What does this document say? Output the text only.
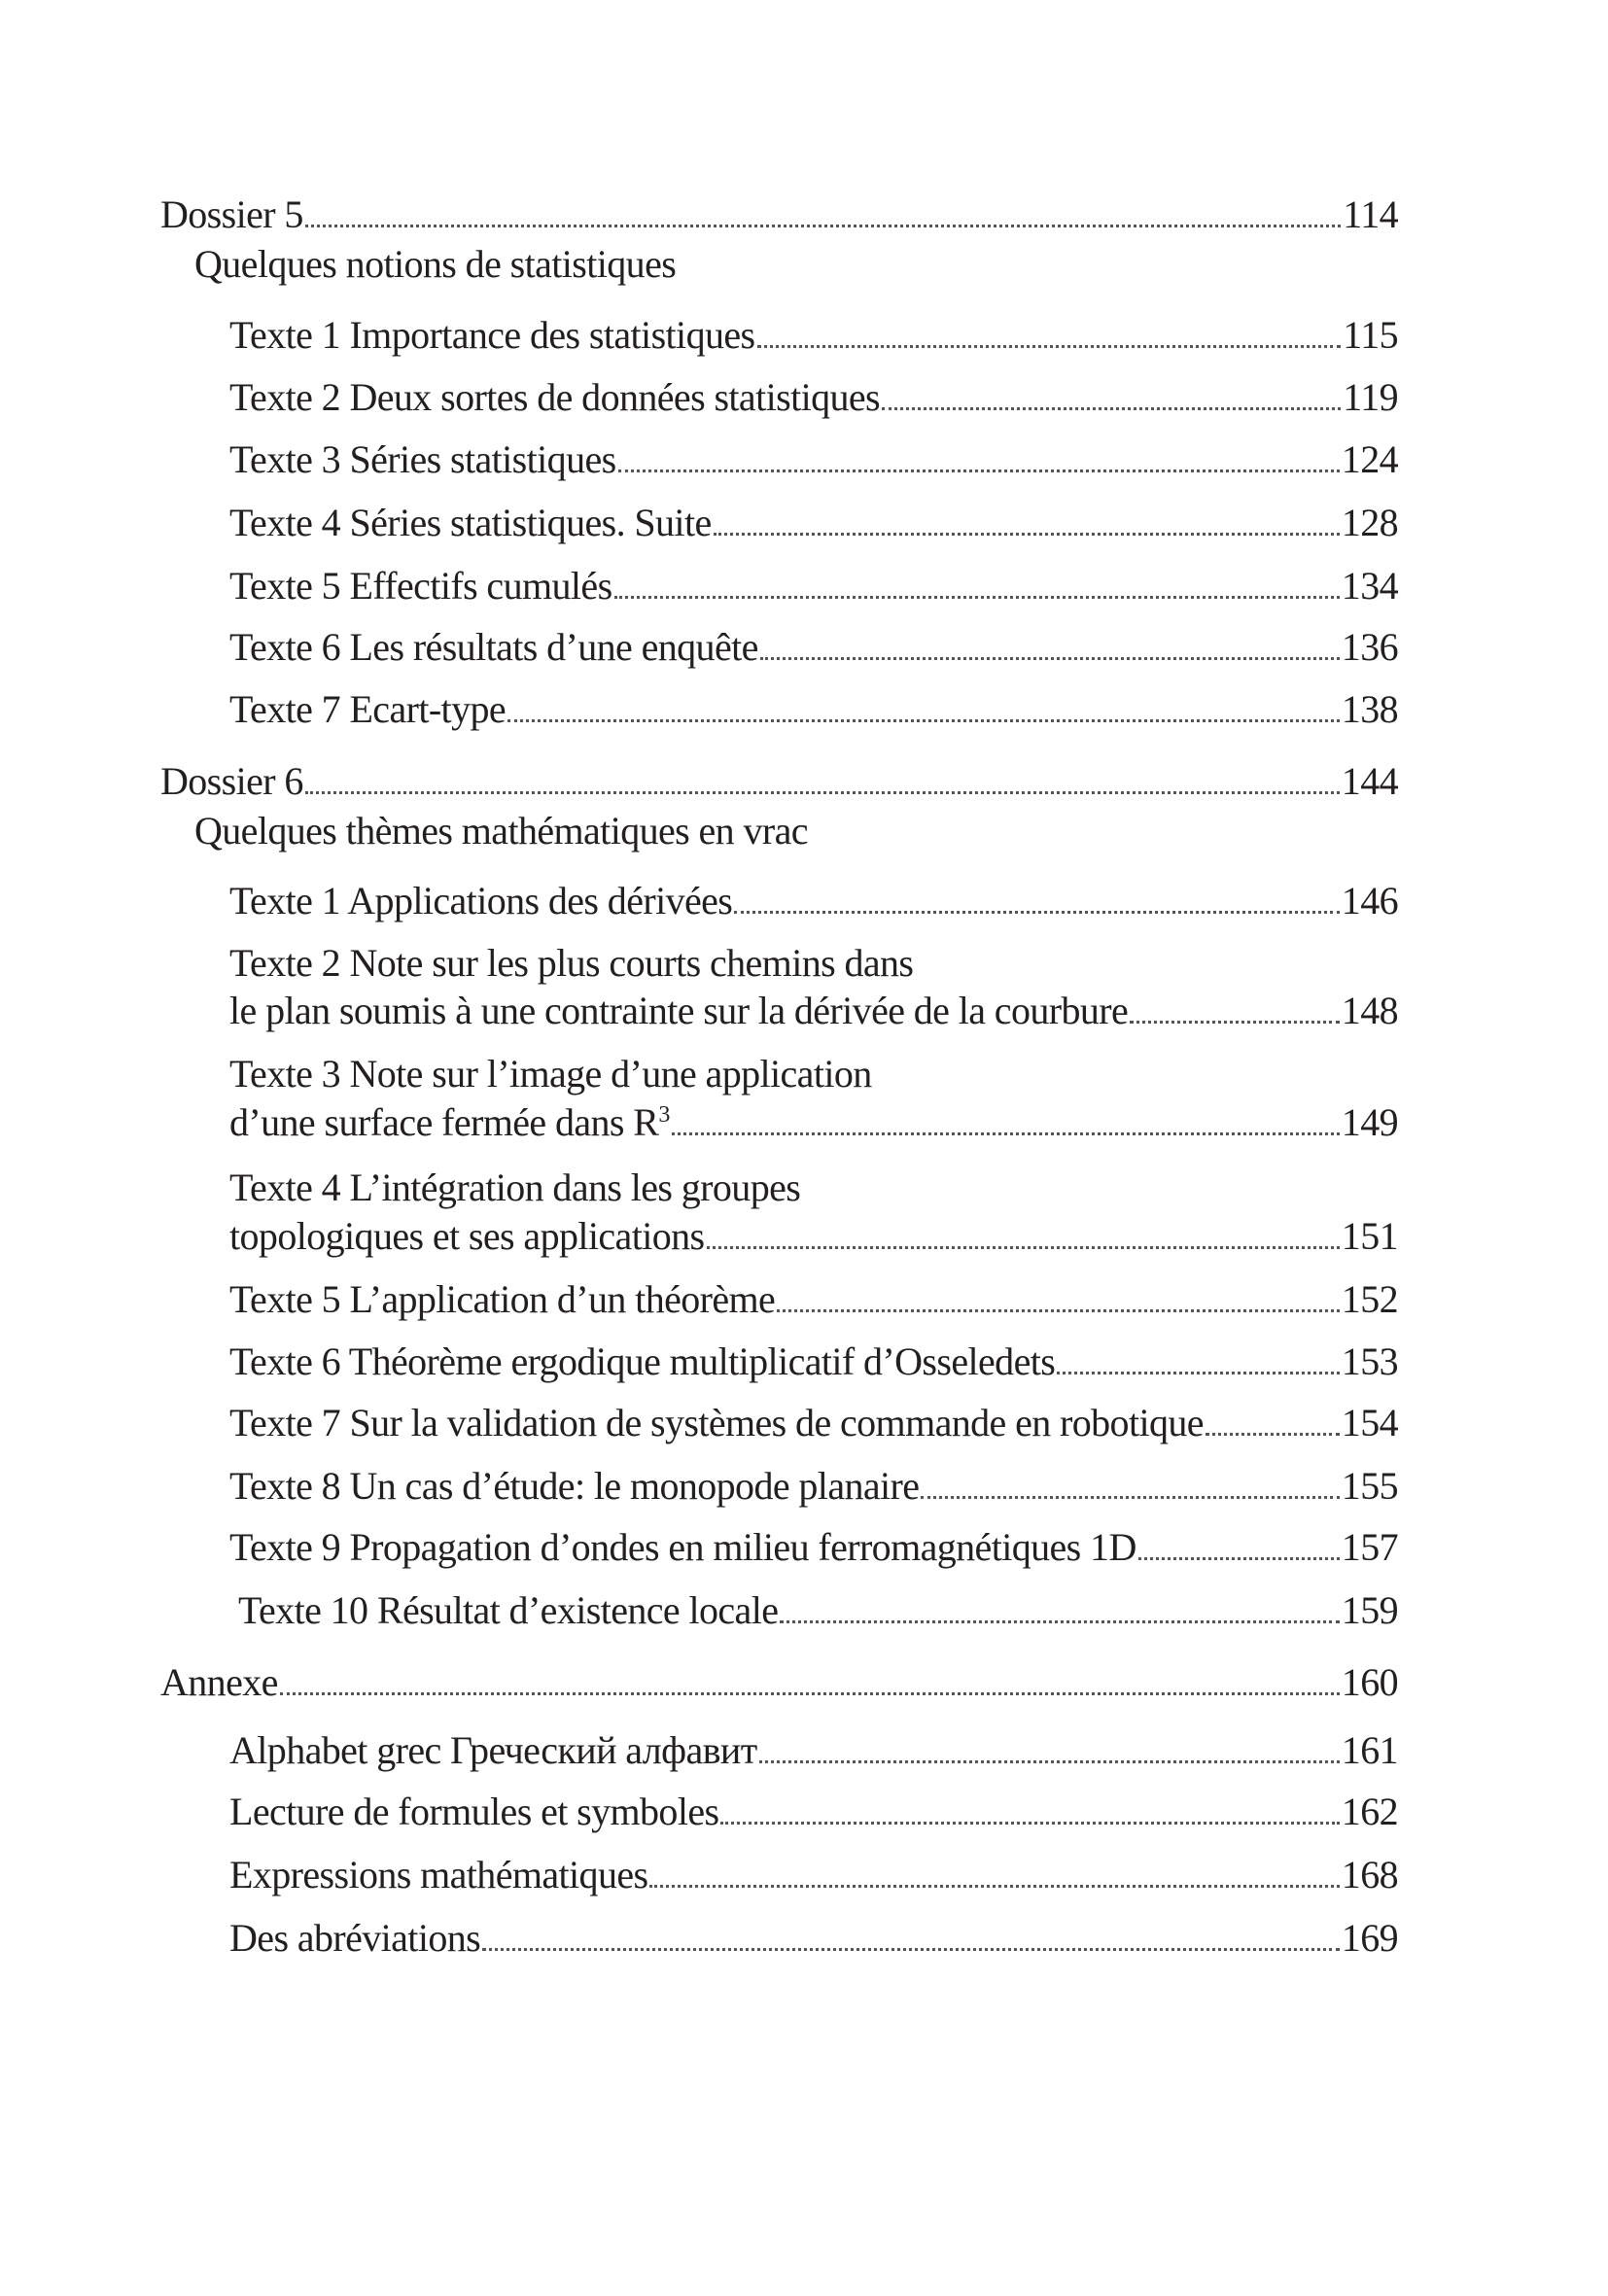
Dossier 5	114
Quelques notions de statistiques
Texte 1 Importance des statistiques	115
Texte 2 Deux sortes de données statistiques	119
Texte 3 Séries statistiques	124
Texte 4 Séries statistiques. Suite	128
Texte 5 Effectifs cumulés	134
Texte 6 Les résultats d’une enquête	136
Texte 7 Ecart-type	138
Dossier 6	144
Quelques thèmes mathématiques en vrac
Texte 1 Applications des dérivées	146
Texte 2 Note sur les plus courts chemins dans
le plan soumis à une contrainte sur la dérivée de la courbure	148
Texte 3 Note sur l’image d’une application
d’une surface fermée dans $R^3$	149
Texte 4 L’intégration dans les groupes
topologiques et ses applications	151
Texte 5 L’application d’un théorème	152
Texte 6 Théorème ergodique multiplicatif d’Osseledets	153
Texte 7 Sur la validation de systèmes de commande en robotique	154
Texte 8 Un cas d’étude: le monopode planaire	155
Texte 9 Propagation d’ondes en milieu ferromagnétiques 1D	157
Texte 10 Résultat d’existence locale	159
Annexe	160
Alphabet grec Греческий алфавит	161
Lecture de formules et symboles	162
Expressions mathématiques	168
Des abréviations	169
